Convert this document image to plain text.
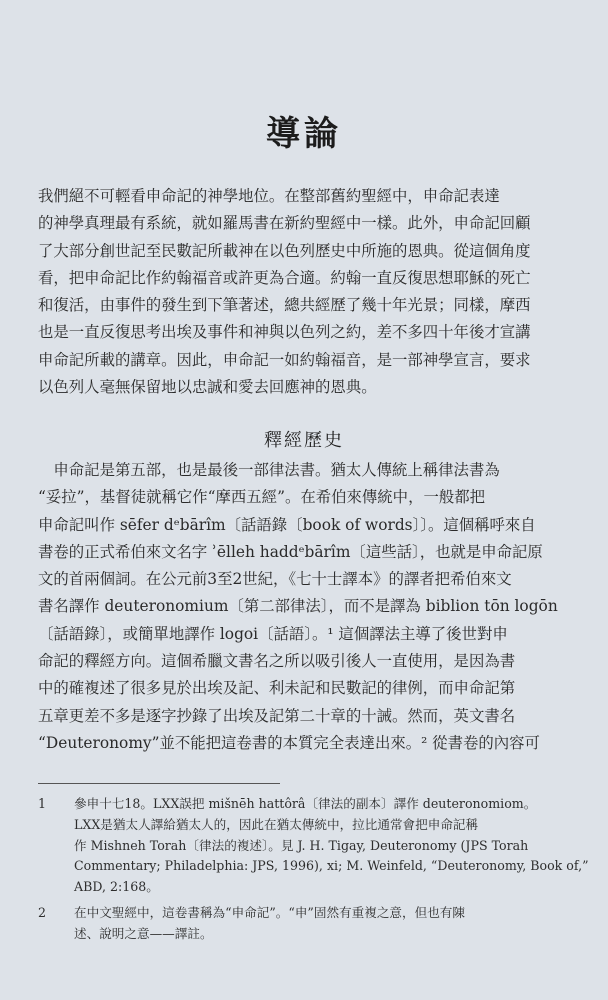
導論
我們絕不可輕看申命記的神學地位。在整部舊約聖經中，申命記表達
的神學真理最有系統，就如羅馬書在新約聖經中一樣。此外，申命記回顧
了大部分創世記至民數記所載神在以色列歷史中所施的恩典。從這個角度
看，把申命記比作約翰福音或許更為合適。約翰一直反復思想耶穌的死亡
和復活，由事件的發生到下筆著述，總共經歷了幾十年光景；同樣，摩西
也是一直反復思考出埃及事件和神與以色列之約，差不多四十年後才宣講
申命記所載的講章。因此，申命記一如約翰福音，是一部神學宣言，要求
以色列人毫無保留地以忠誠和愛去回應神的恩典。
釋經歷史
　申命記是第五部，也是最後一部律法書。猶太人傳統上稱律法書為
“妥拉”，基督徒就稱它作“摩西五經”。在希伯來傳統中，一般都把
申命記叫作 sēfer dᵉbārîm〔話語錄〔book of words〕〕。這個稱呼來自
書卷的正式希伯來文名字 ʾēlleh haddᵉbārîm〔這些話〕，也就是申命記原
文的首兩個詞。在公元前3至2世紀，《七十士譯本》的譯者把希伯來文
書名譯作 deuteronomium〔第二部律法〕，而不是譯為 biblion tōn logōn
〔話語錄〕，或簡單地譯作 logoi〔話語〕。¹ 這個譯法主導了後世對申
命記的釋經方向。這個希臘文書名之所以吸引後人一直使用，是因為書
中的確複述了很多見於出埃及記、利未記和民數記的律例，而申命記第
五章更差不多是逐字抄錄了出埃及記第二十章的十誡。然而，英文書名
“Deuteronomy”並不能把這卷書的本質完全表達出來。² 從書卷的內容可
1 參申十七18。LXX誤把 mišnēh hattôrâ〔律法的副本〕譯作 deuteronomiom。
LXX是猶太人譯給猶太人的，因此在猶太傳統中，拉比通常會把申命記稱
作 Mishneh Torah〔律法的複述〕。見 J. H. Tigay, Deuteronomy (JPS Torah
Commentary; Philadelphia: JPS, 1996), xi; M. Weinfeld, “Deuteronomy, Book of,”
ABD, 2:168。
2 在中文聖經中，這卷書稱為“申命記”。“申”固然有重複之意，但也有陳
述、說明之意——譯註。
